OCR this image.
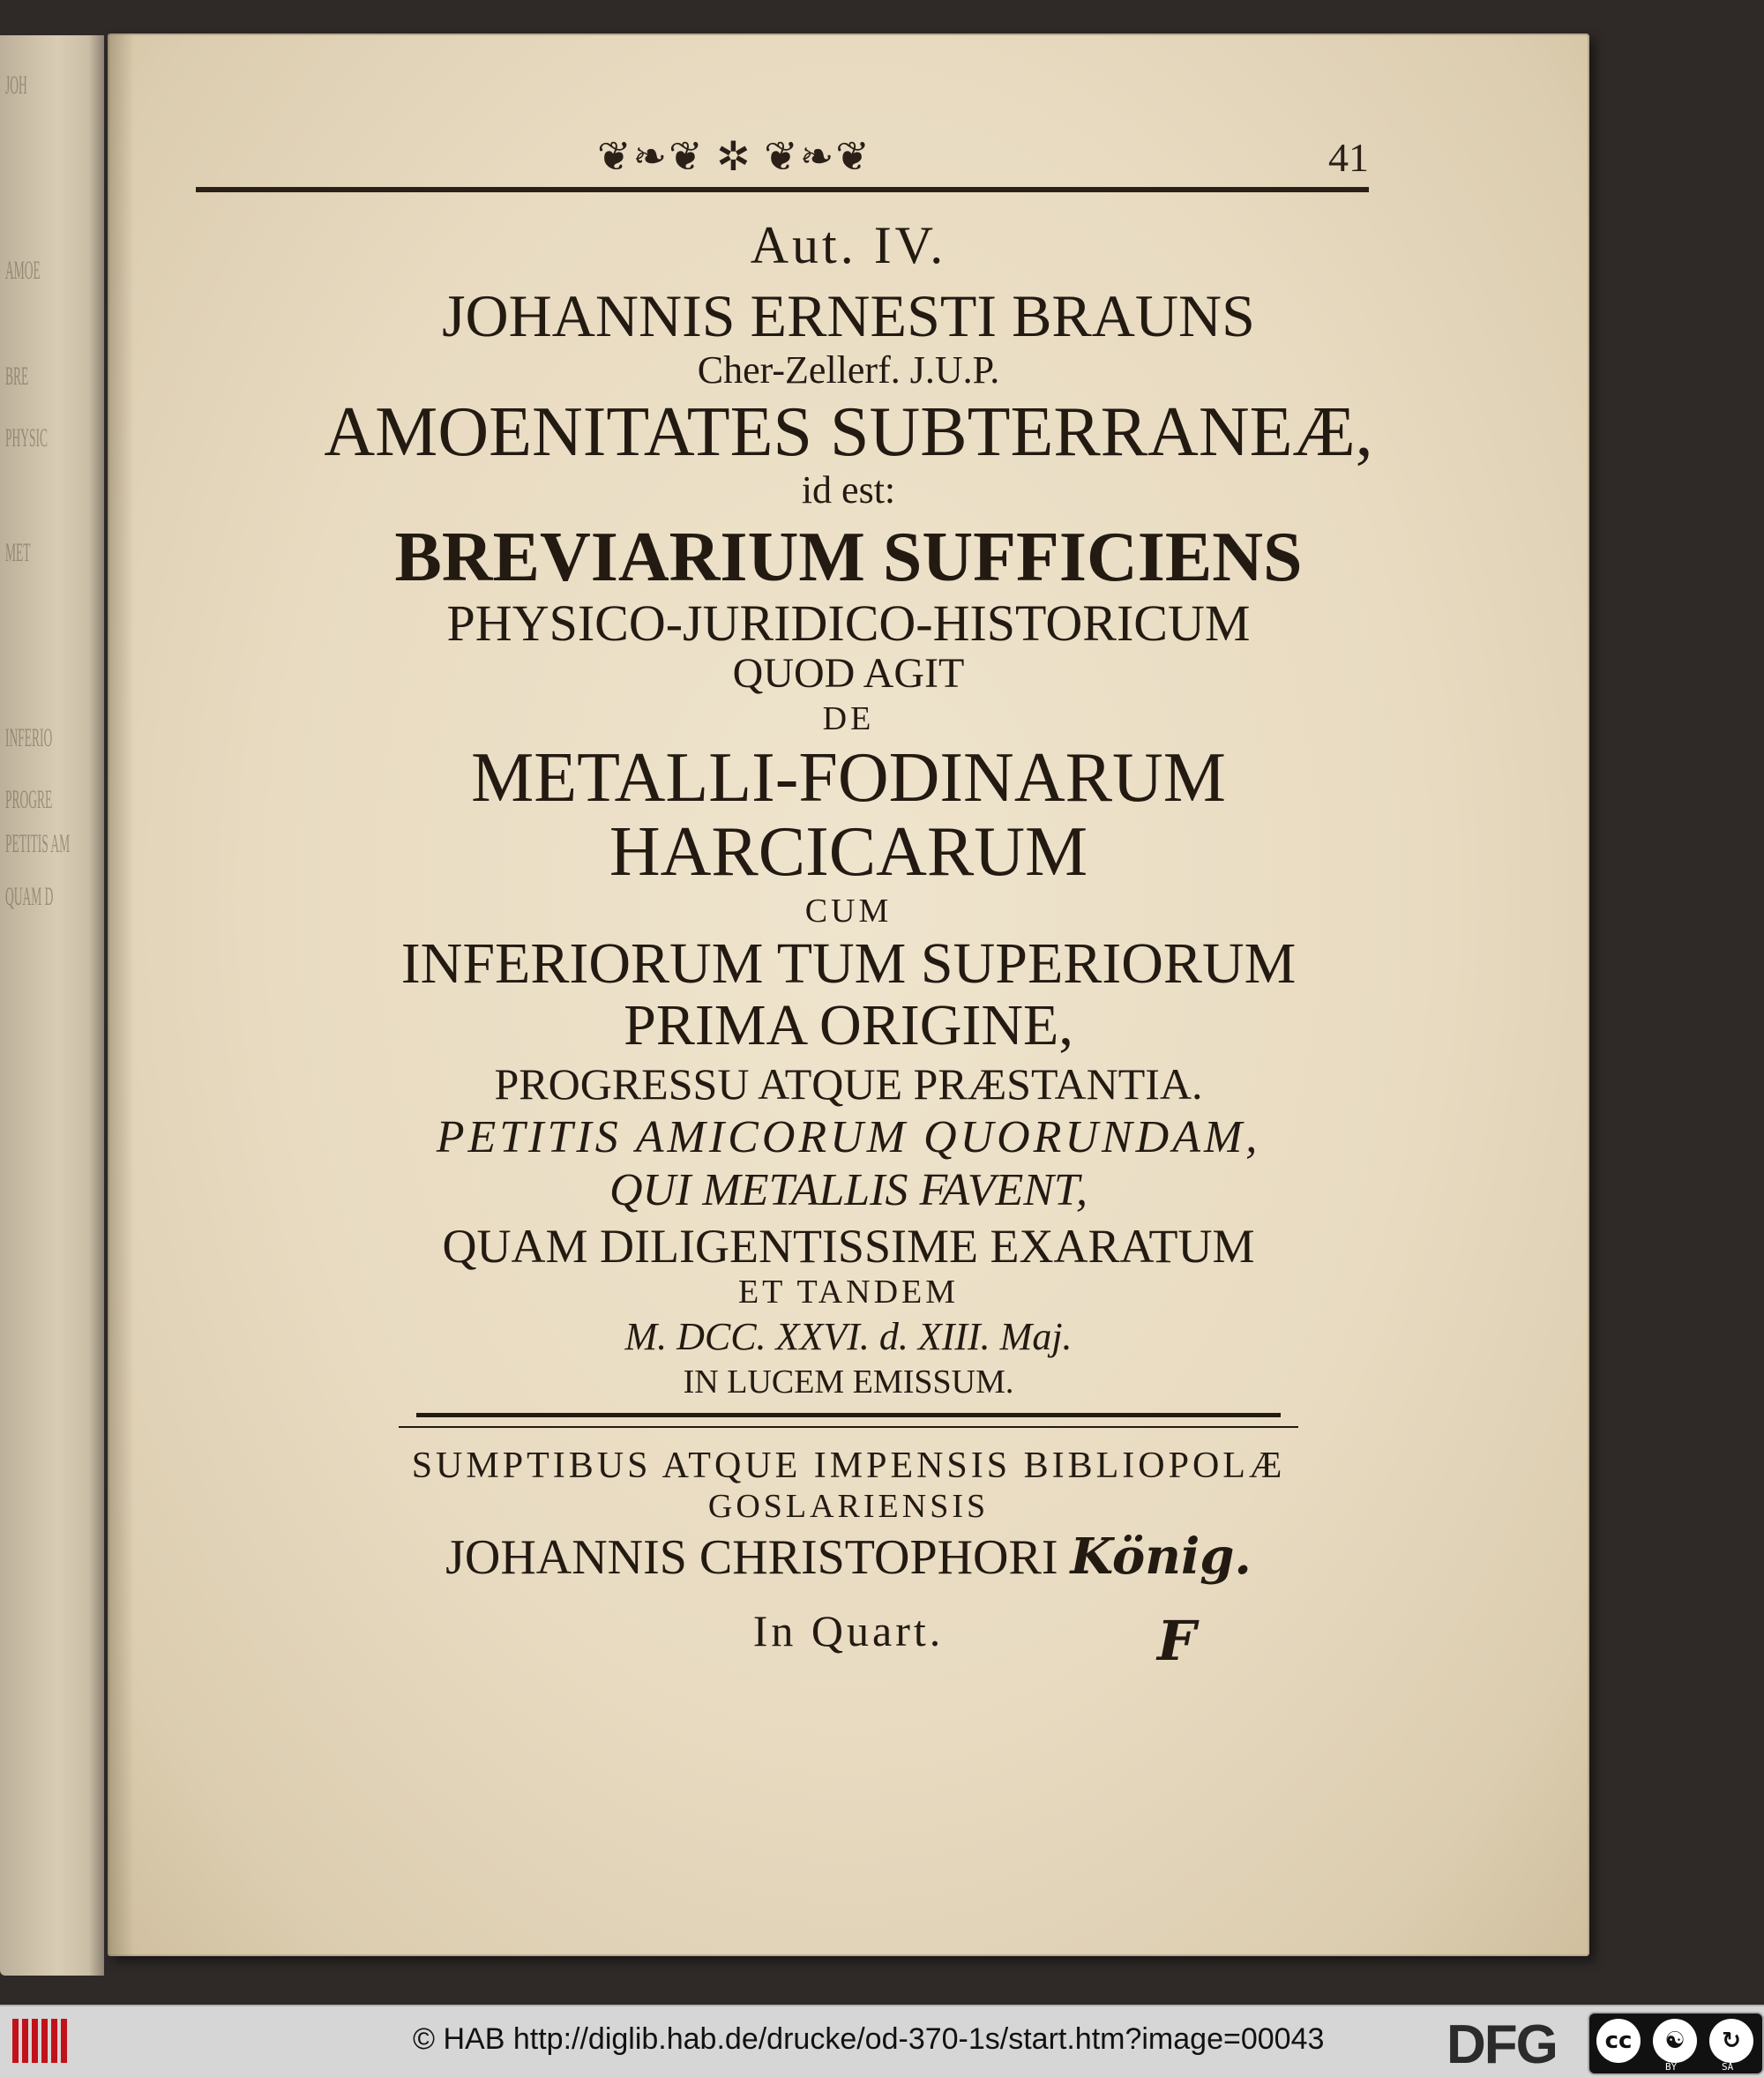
JOH
AMOE
BRE
PHYSIC
MET
INFERIO
PROGRE
PETITIS AM
QUAM D
❦❧❦ ✲ ❦❧❦	41
Aut. IV.
JOHANNIS ERNESTI BRAUNS
Cher-Zellerf. J.U.P.
AMOENITATES SUBTERRANEÆ,
id est:
BREVIARIUM SUFFICIENS
PHYSICO-JURIDICO-HISTORICUM
QUOD AGIT
DE
METALLI-FODINARUM
HARCICARUM
CUM
INFERIORUM TUM SUPERIORUM
PRIMA ORIGINE,
PROGRESSU ATQUE PRÆSTANTIA.
PETITIS AMICORUM QUORUNDAM,
QUI METALLIS FAVENT,
QUAM DILIGENTISSIME EXARATUM
ET TANDEM
M. DCC. XXVI. d. XIII. Maj.
IN LUCEM EMISSUM.
SUMPTIBUS ATQUE IMPENSIS BIBLIOPOLÆ
GOSLARIENSIS
JOHANNIS CHRISTOPHORI König.
In Quart.	F
© HAB http://diglib.hab.de/drucke/od-370-1s/start.htm?image=00043 DFG	cc	☯	↻
BY	SA
